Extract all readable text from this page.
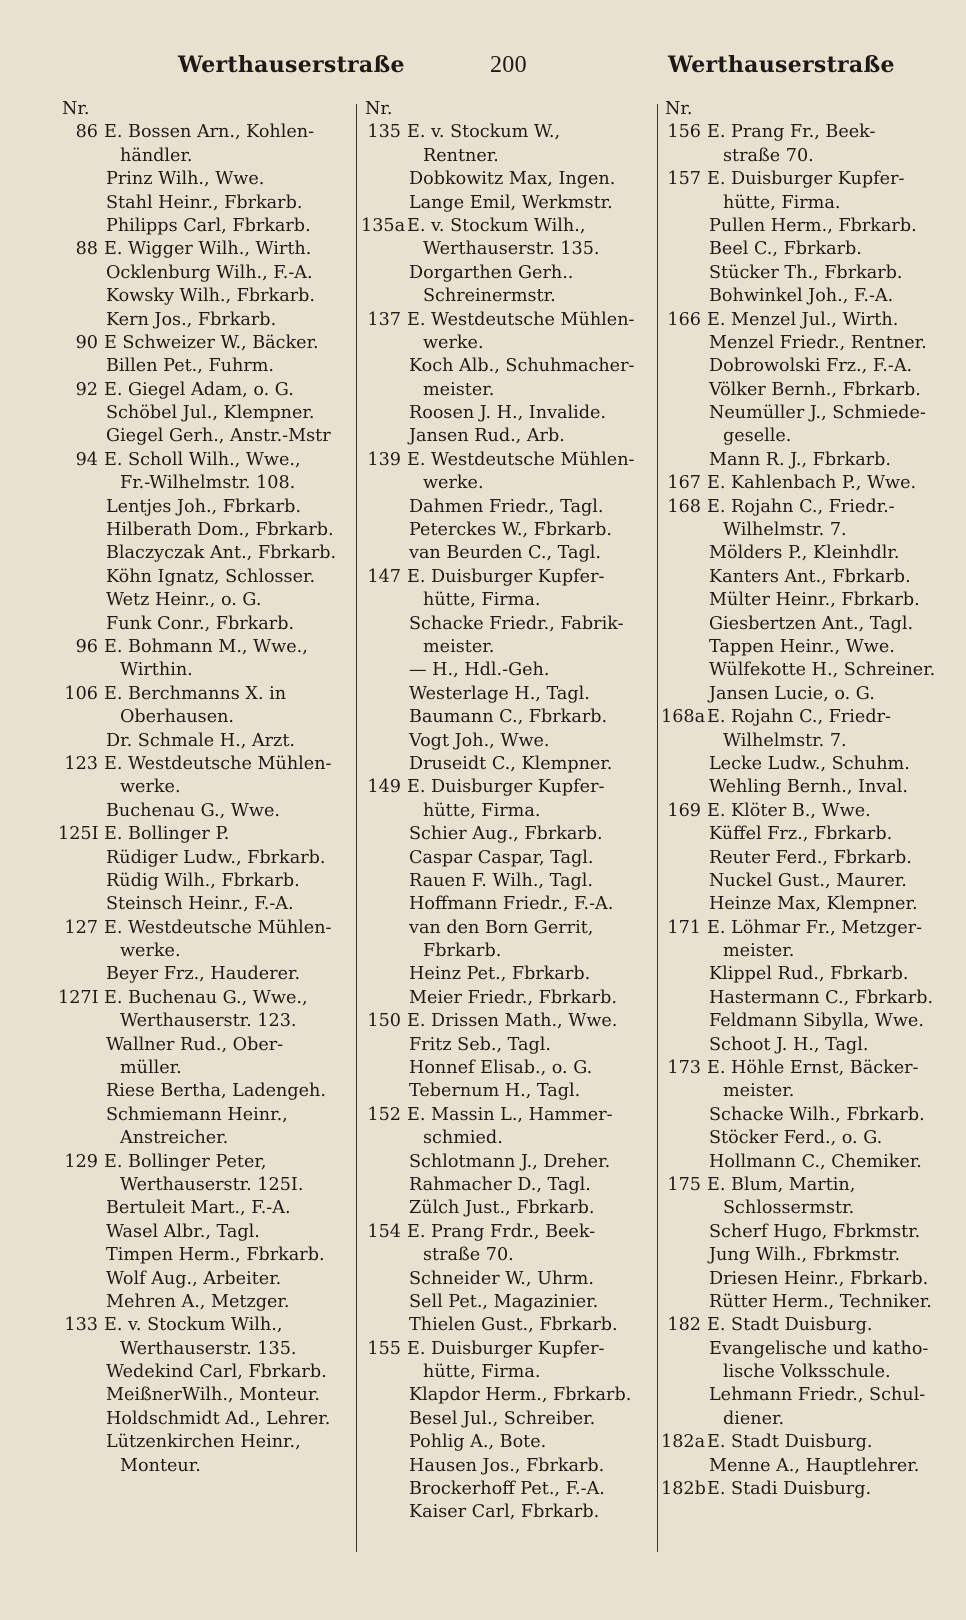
Werthauserstraße	200	Werthauserstraße
Nr.
86 E. Bossen Arn., Kohlen-
händler.
Prinz Wilh., Wwe.
Stahl Heinr., Fbrkarb.
Philipps Carl, Fbrkarb.
88 E. Wigger Wilh., Wirth.
Ocklenburg Wilh., F.-A.
Kowsky Wilh., Fbrkarb.
Kern Jos., Fbrkarb.
90 E Schweizer W., Bäcker.
Billen Pet., Fuhrm.
92 E. Giegel Adam, o. G.
Schöbel Jul., Klempner.
Giegel Gerh., Anstr.-Mstr
94 E. Scholl Wilh., Wwe.,
Fr.-Wilhelmstr. 108.
Lentjes Joh., Fbrkarb.
Hilberath Dom., Fbrkarb.
Blaczyczak Ant., Fbrkarb.
Köhn Ignatz, Schlosser.
Wetz Heinr., o. G.
Funk Conr., Fbrkarb.
96 E. Bohmann M., Wwe.,
Wirthin.
106 E. Berchmanns X. in
Oberhausen.
Dr. Schmale H., Arzt.
123 E. Westdeutsche Mühlen-
werke.
Buchenau G., Wwe.
125I E. Bollinger P.
Rüdiger Ludw., Fbrkarb.
Rüdig Wilh., Fbrkarb.
Steinsch Heinr., F.-A.
127 E. Westdeutsche Mühlen-
werke.
Beyer Frz., Hauderer.
127I E. Buchenau G., Wwe.,
Werthauserstr. 123.
Wallner Rud., Ober-
müller.
Riese Bertha, Ladengeh.
Schmiemann Heinr.,
Anstreicher.
129 E. Bollinger Peter,
Werthauserstr. 125I.
Bertuleit Mart., F.-A.
Wasel Albr., Tagl.
Timpen Herm., Fbrkarb.
Wolf Aug., Arbeiter.
Mehren A., Metzger.
133 E. v. Stockum Wilh.,
Werthauserstr. 135.
Wedekind Carl, Fbrkarb.
MeißnerWilh., Monteur.
Holdschmidt Ad., Lehrer.
Lützenkirchen Heinr.,
Monteur.
Nr.
135 E. v. Stockum W.,
Rentner.
Dobkowitz Max, Ingen.
Lange Emil, Werkmstr.
135a E. v. Stockum Wilh.,
Werthauserstr. 135.
Dorgarthen Gerh..
Schreinermstr.
137 E. Westdeutsche Mühlen-
werke.
Koch Alb., Schuhmacher-
meister.
Roosen J. H., Invalide.
Jansen Rud., Arb.
139 E. Westdeutsche Mühlen-
werke.
Dahmen Friedr., Tagl.
Peterckes W., Fbrkarb.
van Beurden C., Tagl.
147 E. Duisburger Kupfer-
hütte, Firma.
Schacke Friedr., Fabrik-
meister.
— H., Hdl.-Geh.
Westerlage H., Tagl.
Baumann C., Fbrkarb.
Vogt Joh., Wwe.
Druseidt C., Klempner.
149 E. Duisburger Kupfer-
hütte, Firma.
Schier Aug., Fbrkarb.
Caspar Caspar, Tagl.
Rauen F. Wilh., Tagl.
Hoffmann Friedr., F.-A.
van den Born Gerrit,
Fbrkarb.
Heinz Pet., Fbrkarb.
Meier Friedr., Fbrkarb.
150 E. Drissen Math., Wwe.
Fritz Seb., Tagl.
Honnef Elisab., o. G.
Tebernum H., Tagl.
152 E. Massin L., Hammer-
schmied.
Schlotmann J., Dreher.
Rahmacher D., Tagl.
Zülch Just., Fbrkarb.
154 E. Prang Frdr., Beek-
straße 70.
Schneider W., Uhrm.
Sell Pet., Magazinier.
Thielen Gust., Fbrkarb.
155 E. Duisburger Kupfer-
hütte, Firma.
Klapdor Herm., Fbrkarb.
Besel Jul., Schreiber.
Pohlig A., Bote.
Hausen Jos., Fbrkarb.
Brockerhoff Pet., F.-A.
Kaiser Carl, Fbrkarb.
Nr.
156 E. Prang Fr., Beek-
straße 70.
157 E. Duisburger Kupfer-
hütte, Firma.
Pullen Herm., Fbrkarb.
Beel C., Fbrkarb.
Stücker Th., Fbrkarb.
Bohwinkel Joh., F.-A.
166 E. Menzel Jul., Wirth.
Menzel Friedr., Rentner.
Dobrowolski Frz., F.-A.
Völker Bernh., Fbrkarb.
Neumüller J., Schmiede-
geselle.
Mann R. J., Fbrkarb.
167 E. Kahlenbach P., Wwe.
168 E. Rojahn C., Friedr.-
Wilhelmstr. 7.
Mölders P., Kleinhdlr.
Kanters Ant., Fbrkarb.
Mülter Heinr., Fbrkarb.
Giesbertzen Ant., Tagl.
Tappen Heinr., Wwe.
Wülfekotte H., Schreiner.
Jansen Lucie, o. G.
168a E. Rojahn C., Friedr-
Wilhelmstr. 7.
Lecke Ludw., Schuhm.
Wehling Bernh., Inval.
169 E. Klöter B., Wwe.
Küffel Frz., Fbrkarb.
Reuter Ferd., Fbrkarb.
Nuckel Gust., Maurer.
Heinze Max, Klempner.
171 E. Löhmar Fr., Metzger-
meister.
Klippel Rud., Fbrkarb.
Hastermann C., Fbrkarb.
Feldmann Sibylla, Wwe.
Schoot J. H., Tagl.
173 E. Höhle Ernst, Bäcker-
meister.
Schacke Wilh., Fbrkarb.
Stöcker Ferd., o. G.
Hollmann C., Chemiker.
175 E. Blum, Martin,
Schlossermstr.
Scherf Hugo, Fbrkmstr.
Jung Wilh., Fbrkmstr.
Driesen Heinr., Fbrkarb.
Rütter Herm., Techniker.
182 E. Stadt Duisburg.
Evangelische und katho-
lische Volksschule.
Lehmann Friedr., Schul-
diener.
182a E. Stadt Duisburg.
Menne A., Hauptlehrer.
182bE. Stadi Duisburg.
